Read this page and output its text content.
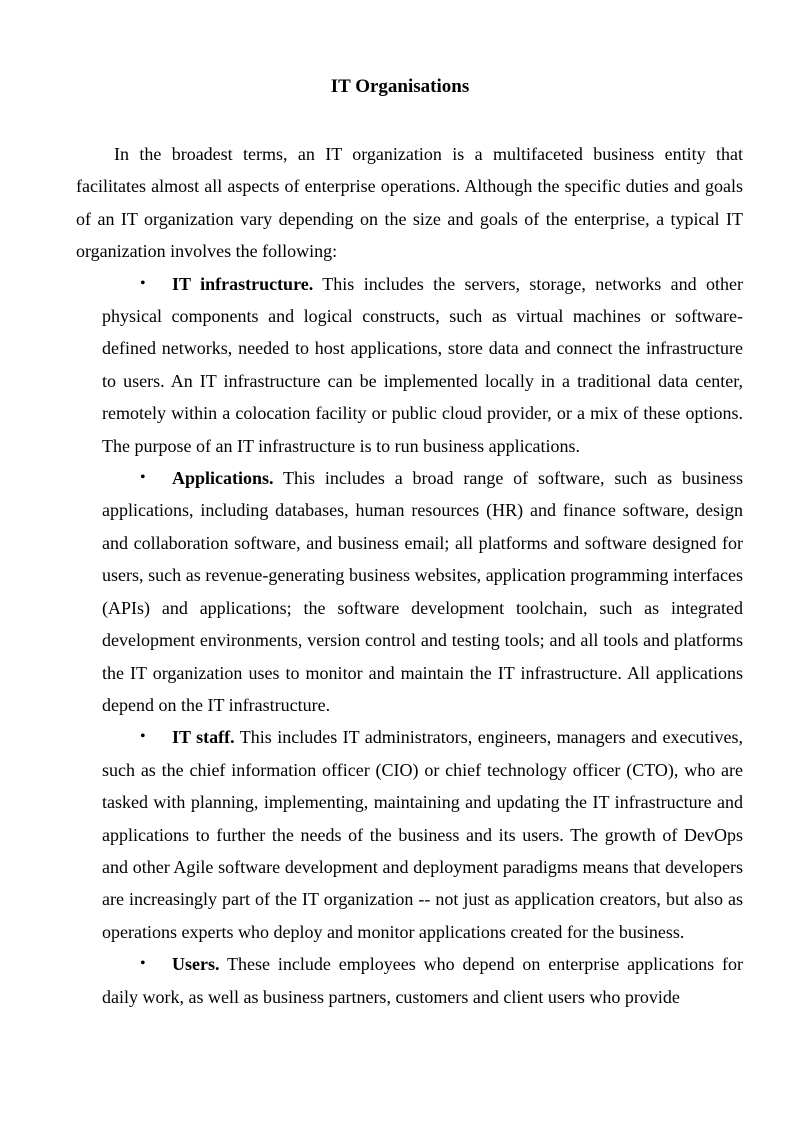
IT Organisations

In the broadest terms, an IT organization is a multifaceted business entity that facilitates almost all aspects of enterprise operations. Although the specific duties and goals of an IT organization vary depending on the size and goals of the enterprise, a typical IT organization involves the following:

• IT infrastructure. This includes the servers, storage, networks and other physical components and logical constructs, such as virtual machines or software-defined networks, needed to host applications, store data and connect the infrastructure to users. An IT infrastructure can be implemented locally in a traditional data center, remotely within a colocation facility or public cloud provider, or a mix of these options. The purpose of an IT infrastructure is to run business applications.
• Applications. This includes a broad range of software, such as business applications, including databases, human resources (HR) and finance software, design and collaboration software, and business email; all platforms and software designed for users, such as revenue-generating business websites, application programming interfaces (APIs) and applications; the software development toolchain, such as integrated development environments, version control and testing tools; and all tools and platforms the IT organization uses to monitor and maintain the IT infrastructure. All applications depend on the IT infrastructure.
• IT staff. This includes IT administrators, engineers, managers and executives, such as the chief information officer (CIO) or chief technology officer (CTO), who are tasked with planning, implementing, maintaining and updating the IT infrastructure and applications to further the needs of the business and its users. The growth of DevOps and other Agile software development and deployment paradigms means that developers are increasingly part of the IT organization -- not just as application creators, but also as operations experts who deploy and monitor applications created for the business.
• Users. These include employees who depend on enterprise applications for daily work, as well as business partners, customers and client users who provide
